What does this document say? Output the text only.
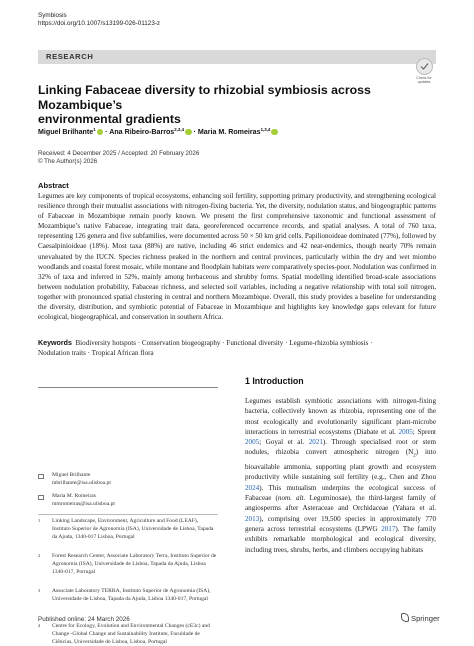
Symbiosis
https://doi.org/10.1007/s13199-026-01123-z
RESEARCH
Check for updates
Linking Fabaceae diversity to rhizobial symbiosis across Mozambique’s
environmental gradients
Miguel Brilhante$^1$ · Ana Ribeiro-Barros$^{2,3,4}$ · Maria M. Romeiras$^{1,3,4}$
Received: 4 December 2025 / Accepted: 20 February 2026
© The Author(s) 2026
Abstract
Legumes are key components of tropical ecosystems, enhancing soil fertility, supporting primary productivity, and strengthening ecological resilience through their mutualist associations with nitrogen-fixing bacteria. Yet, the diversity, nodulation status, and biogeographic patterns of Fabaceae in Mozambique remain poorly known. We present the first comprehensive taxonomic and functional assessment of Mozambique’s native Fabaceae, integrating trait data, georeferenced occurrence records, and spatial analyses. A total of 760 taxa, representing 126 genera and five subfamilies, were documented across 50 × 50 km grid cells. Papilionoideae dominated (77%), followed by Caesalpinioideae (18%). Most taxa (88%) are native, including 46 strict endemics and 42 near-endemics, though nearly 70% remain unevaluated by the IUCN. Species richness peaked in the northern and central provinces, particularly within the dry and wet miombo woodlands and coastal forest mosaic, while montane and floodplain habitats were comparatively species-poor. Nodulation was confirmed in 32% of taxa and inferred in 52%, mainly among herbaceous and shrubby forms. Spatial modelling identified broad-scale associations between nodulation probability, Fabaceae richness, and selected soil variables, including a negative relationship with total soil nitrogen, together with pronounced spatial clustering in central and northern Mozambique. Overall, this study provides a baseline for understanding the diversity, distribution, and symbiotic potential of Fabaceae in Mozambique and highlights key knowledge gaps relevant for future ecological, biogeographical, and conservation in southern Africa.
Keywords Biodiversity hotspots · Conservation biogeography · Functional diversity · Legume-rhizobia symbiosis ·
Nodulation traits · Tropical African flora
Miguel Brilhante
mbrilhante@isa.ulisboa.pt
Maria M. Romeiras
mmromeiras@isa.ulisboa.pt
1 Linking Landscape, Environment, Agriculture and Food (LEAF), Instituto Superior de Agronomia (ISA), Universidade de Lisboa, Tapada da Ajuda, 1340-017 Lisboa, Portugal
2 Forest Research Center, Associate Laboratory Terra, Instituto Superior de Agronomia (ISA), Universidade de Lisboa, Tapada da Ajuda, Lisboa 1340-017, Portugal
3 Associate Laboratory TERRA, Instituto Superior de Agronomia (ISA), Universidade de Lisboa, Tapada da Ajuda, Lisboa 1340-017, Portugal
4 Centre for Ecology, Evolution and Environmental Changes (cE3c) and Change -Global Change and Sustainability Institute, Faculdade de Ciências, Universidade de Lisboa, Lisboa, Portugal
1 Introduction
Legumes establish symbiotic associations with nitrogen-fixing bacteria, collectively known as rhizobia, representing one of the most ecologically and evolutionarily significant plant-microbe interactions in terrestrial ecosystems (Diabate et al. 2005; Sprent 2005; Goyal et al. 2021). Through specialised root or stem nodules, rhizobia convert atmospheric nitrogen $(N_2)$ into bioavailable ammonia, supporting plant growth and ecosystem productivity while sustaining soil fertility (e.g., Chen and Zhou 2024). This mutualism underpins the ecological success of Fabaceae (nom. alt. Leguminosae), the third-largest family of angiosperms after Asteraceae and Orchidaceae (Yahara et al. 2013), comprising over 19,500 species in approximately 770 genera across terrestrial ecosystems (LPWG 2017). The family exhibits remarkable morphological and ecological diversity, including trees, shrubs, herbs, and climbers occupying habitats
Published online: 24 March 2026	Springer
